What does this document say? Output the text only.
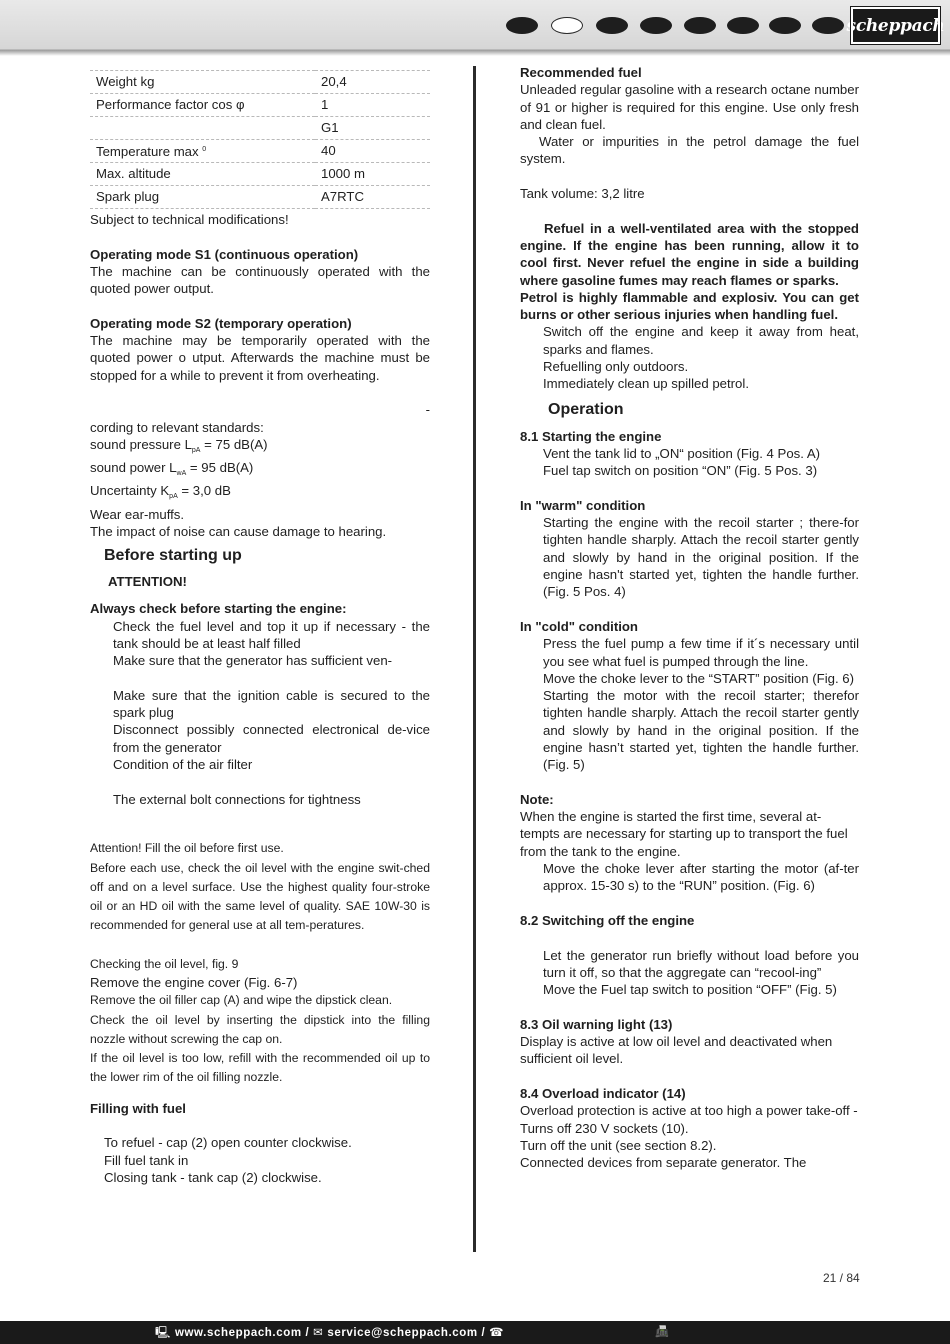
scheppach
Weight kg	20,4
Performance factor cos φ	1
	G1
Temperature max $^0$	40
Max. altitude	1000 m
Spark plug	A7RTC

Subject to technical modifications!

Operating mode S1 (continuous operation)

The machine can be continuously operated with the quoted power output.

Operating mode S2 (temporary operation)

The machine may be temporarily operated with the quoted power o utput. Afterwards the machine must be stopped for a while to prevent it from overheating.

-

cording to relevant standards:

sound pressure $L_{pA} = 75$ dB(A)

sound power $L_{wA} = 95$ dB(A)

Uncertainty $K_{pA} = 3,0$ dB

Wear ear-muffs.

The impact of noise can cause damage to hearing.

Before starting up

ATTENTION!

Always check before starting the engine:

Check the fuel level and top it up if necessary - the tank should be at least half filled

Make sure that the generator has sufficient ven-

Make sure that the ignition cable is secured to the spark plug

Disconnect possibly connected electronical de-vice from the generator

Condition of the air filter

The external bolt connections for tightness

Attention! Fill the oil before first use.

Before each use, check the oil level with the engine swit-ched off and on a level surface. Use the highest quality four-stroke oil or an HD oil with the same level of quality. SAE 10W-30 is recommended for general use at all tem-peratures.

Checking the oil level, fig. 9

Remove the engine cover (Fig. 6-7)

Remove the oil filler cap (A) and wipe the dipstick clean.

Check the oil level by inserting the dipstick into the filling nozzle without screwing the cap on.

If the oil level is too low, refill with the recommended oil up to the lower rim of the oil filling nozzle.

Filling with fuel

To refuel - cap (2) open counter clockwise.

Fill fuel tank in

Closing tank - tank cap (2) clockwise.

Recommended fuel

Unleaded regular gasoline with a research octane number of 91 or higher is required for this engine. Use only fresh and clean fuel.

Water or impurities in the petrol damage the fuel system.

Tank volume: 3,2 litre

Refuel in a well-ventilated area with the stopped engine. If the engine has been running, allow it to cool first. Never refuel the engine in side a building where gasoline fumes may reach flames or sparks.

Petrol is highly flammable and explosiv. You can get burns or other serious injuries when handling fuel.

Switch off the engine and keep it away from heat, sparks and flames.

Refuelling only outdoors.

Immediately clean up spilled petrol.

Operation

8.1 Starting the engine

Vent the tank lid to „ON“ position (Fig. 4 Pos. A)

Fuel tap switch on position “ON” (Fig. 5 Pos. 3)

In "warm" condition

Starting the engine with the recoil starter ; there-for tighten handle sharply. Attach the recoil starter gently and slowly by hand in the original position. If the engine hasn't started yet, tighten the handle further. (Fig. 5 Pos. 4)

In "cold" condition

Press the fuel pump a few time if it´s necessary until you see what fuel is pumped through the line.

Move the choke lever to the “START” position (Fig. 6)

Starting the motor with the recoil starter; therefor tighten handle sharply. Attach the recoil starter gently and slowly by hand in the original position. If the engine hasn’t started yet, tighten the handle further. (Fig. 5)

Note:

When the engine is started the first time, several at-tempts are necessary for starting up to transport the fuel from the tank to the engine.

Move the choke lever after starting the motor (af-ter approx. 15-30 s) to the “RUN” position. (Fig. 6)

8.2 Switching off the engine

Let the generator run briefly without load before you turn it off, so that the aggregate can “recool-ing”

Move the Fuel tap switch to position “OFF” (Fig. 5)

8.3 Oil warning light (13)

Display is active at low oil level and deactivated when sufficient oil level.

8.4 Overload indicator (14)

Overload protection is active at too high a power take-off - Turns off 230 V sockets (10).

Turn off the unit (see section 8.2).

Connected devices from separate generator. The

21 / 84
🖳 www.scheppach.com / ✉ service@scheppach.com / ☎	📠
